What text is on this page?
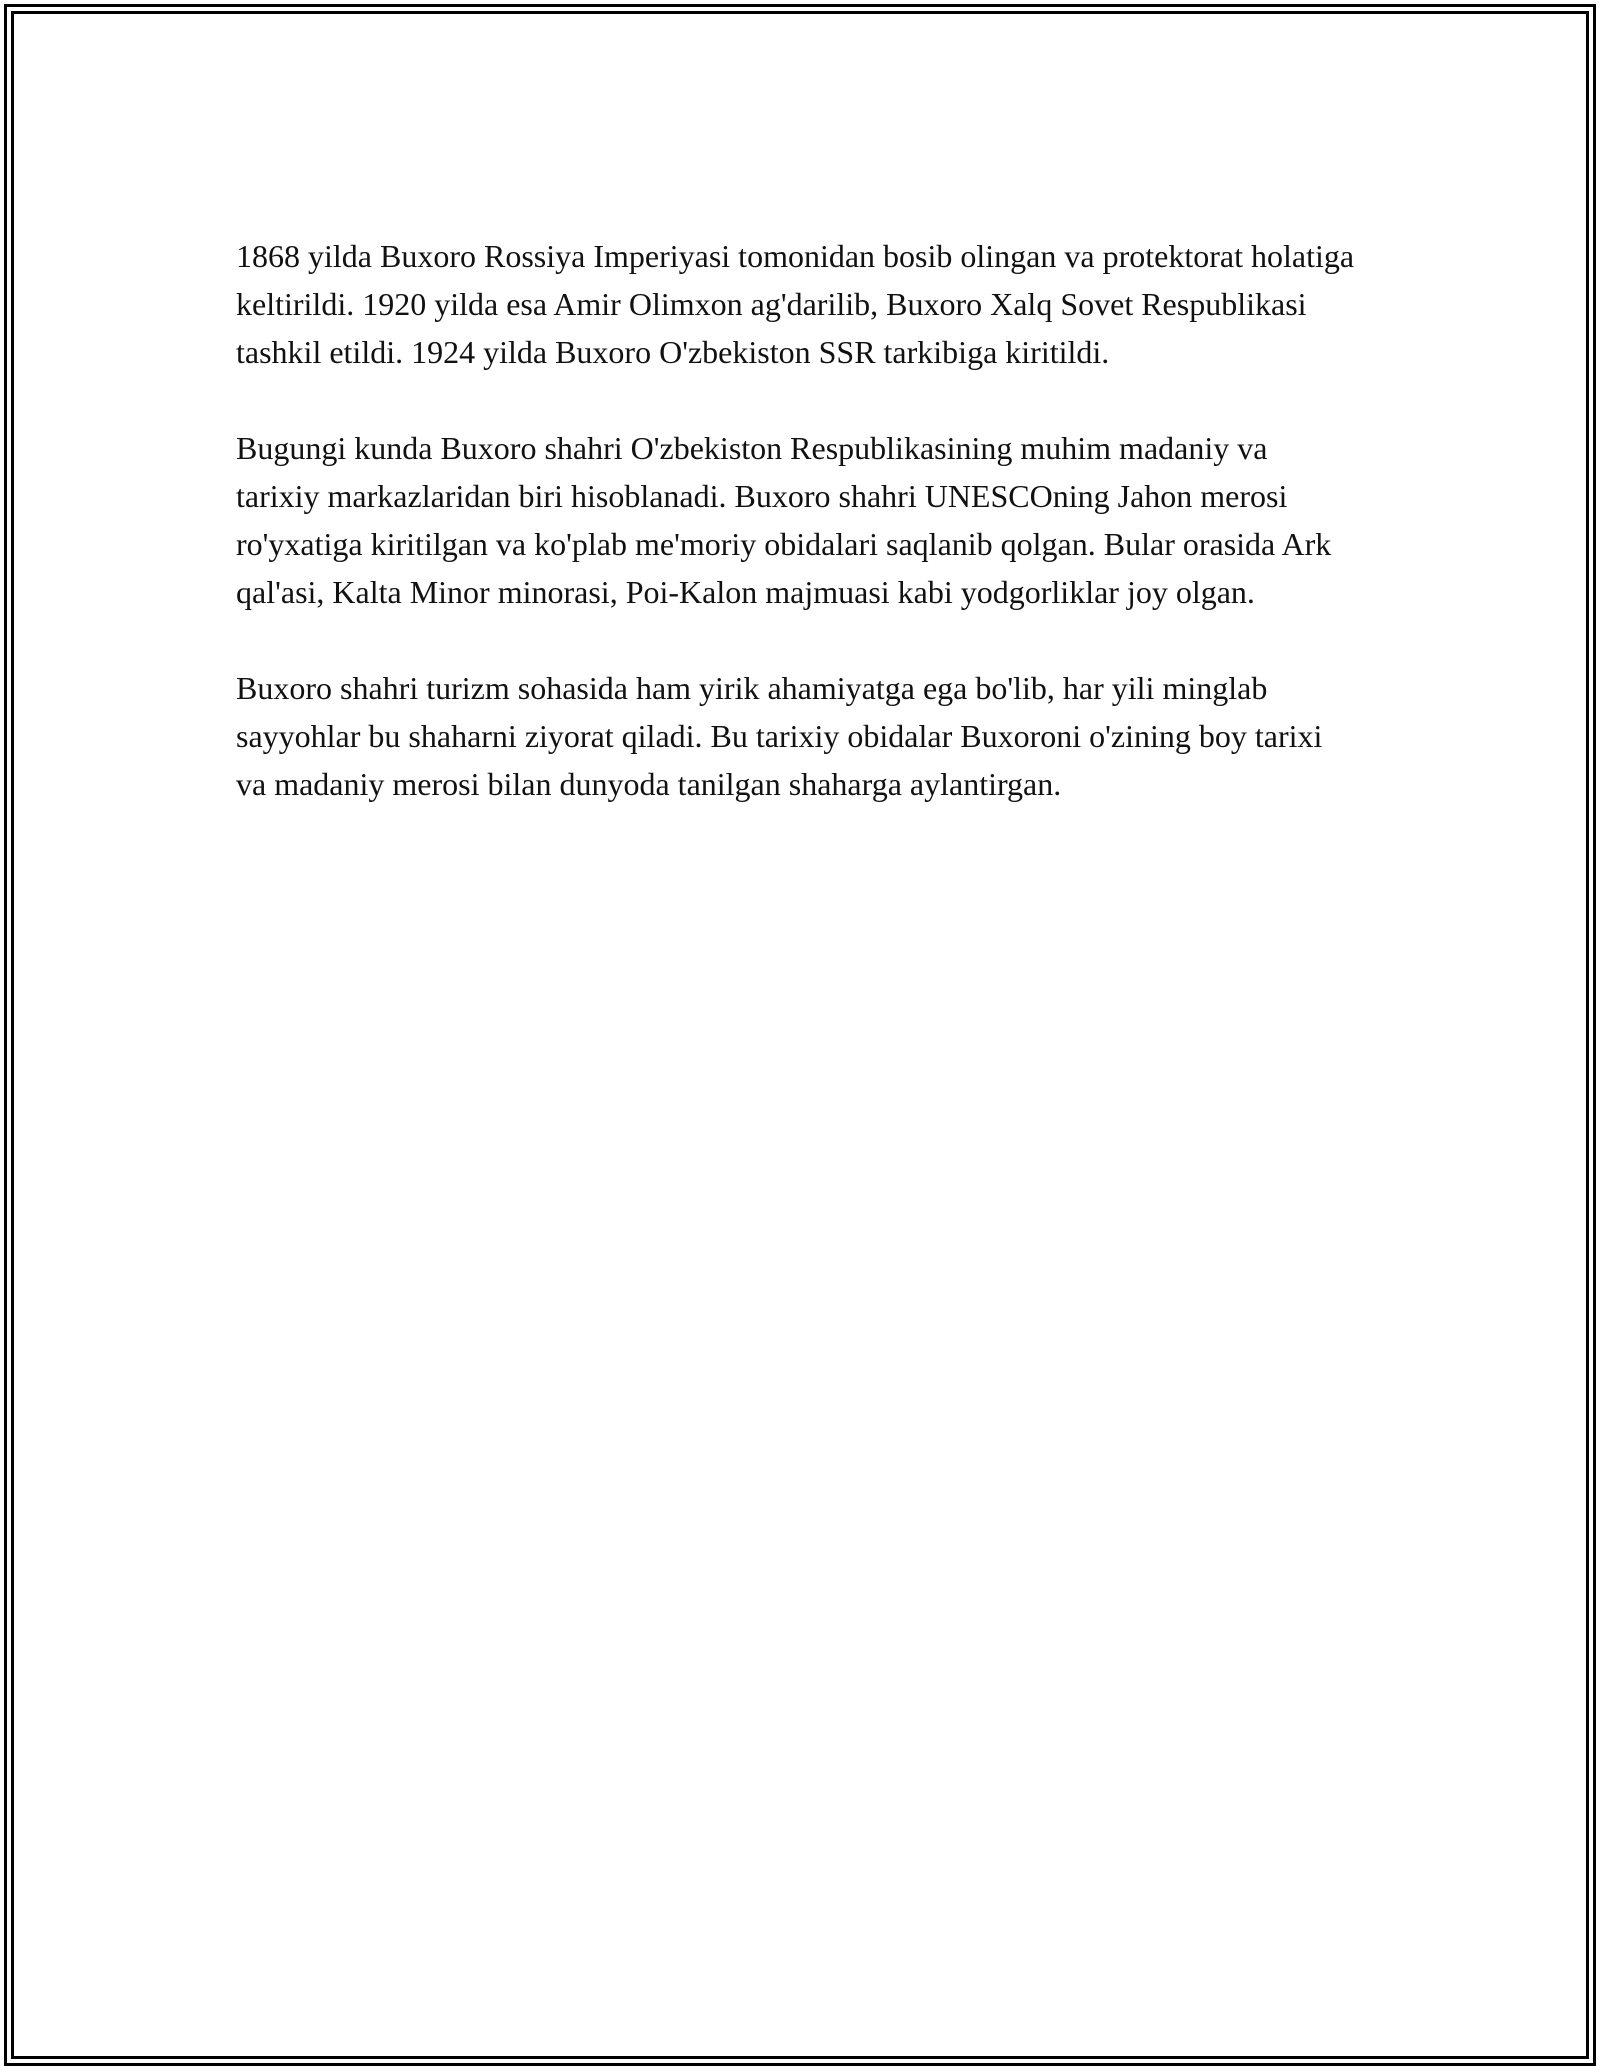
1868 yilda Buxoro Rossiya Imperiyasi tomonidan bosib olingan va protektorat holatiga keltirildi. 1920 yilda esa Amir Olimxon ag'darilib, Buxoro Xalq Sovet Respublikasi tashkil etildi. 1924 yilda Buxoro O'zbekiston SSR tarkibiga kiritildi.

Bugungi kunda Buxoro shahri O'zbekiston Respublikasining muhim madaniy va tarixiy markazlaridan biri hisoblanadi. Buxoro shahri UNESCOning Jahon merosi ro'yxatiga kiritilgan va ko'plab me'moriy obidalari saqlanib qolgan. Bular orasida Ark qal'asi, Kalta Minor minorasi, Poi-Kalon majmuasi kabi yodgorliklar joy olgan.

Buxoro shahri turizm sohasida ham yirik ahamiyatga ega bo'lib, har yili minglab sayyohlar bu shaharni ziyorat qiladi. Bu tarixiy obidalar Buxoroni o'zining boy tarixi va madaniy merosi bilan dunyoda tanilgan shaharga aylantirgan.
